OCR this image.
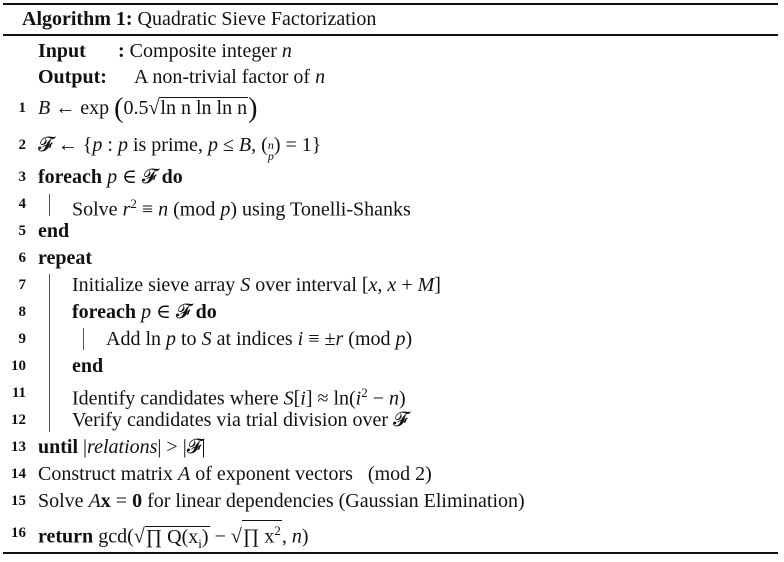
Algorithm 1: Quadratic Sieve Factorization
Input : Composite integer n
Output: A non-trivial factor of n
1 B ← exp (0.5√ln n ln ln n)
2 𝓕 ← {p : p is prime, p ≤ B, ( n
p ) = 1}
3 foreach p ∈ 𝓕 do
4 Solve $r^2 \equiv n$ (mod p) using Tonelli-Shanks
5 end
6 repeat
7 Initialize sieve array S over interval [x, x + M]
8 foreach p ∈ 𝓕 do
9	Add ln p to S at indices i ≡ ±r (mod p)
10 end
11 Identify candidates where $S[i] \approx \ln(i^2 - n)$
12 Verify candidates via trial division over 𝓕
13 until |relations| > |𝓕|
14 Construct matrix A of exponent vectors   (mod 2)
15 Solve Ax = 0 for linear dependencies (Gaussian Elimination)
16 return gcd(√∏ $Q(x_i)$ − √∏ $x^2$, n)
